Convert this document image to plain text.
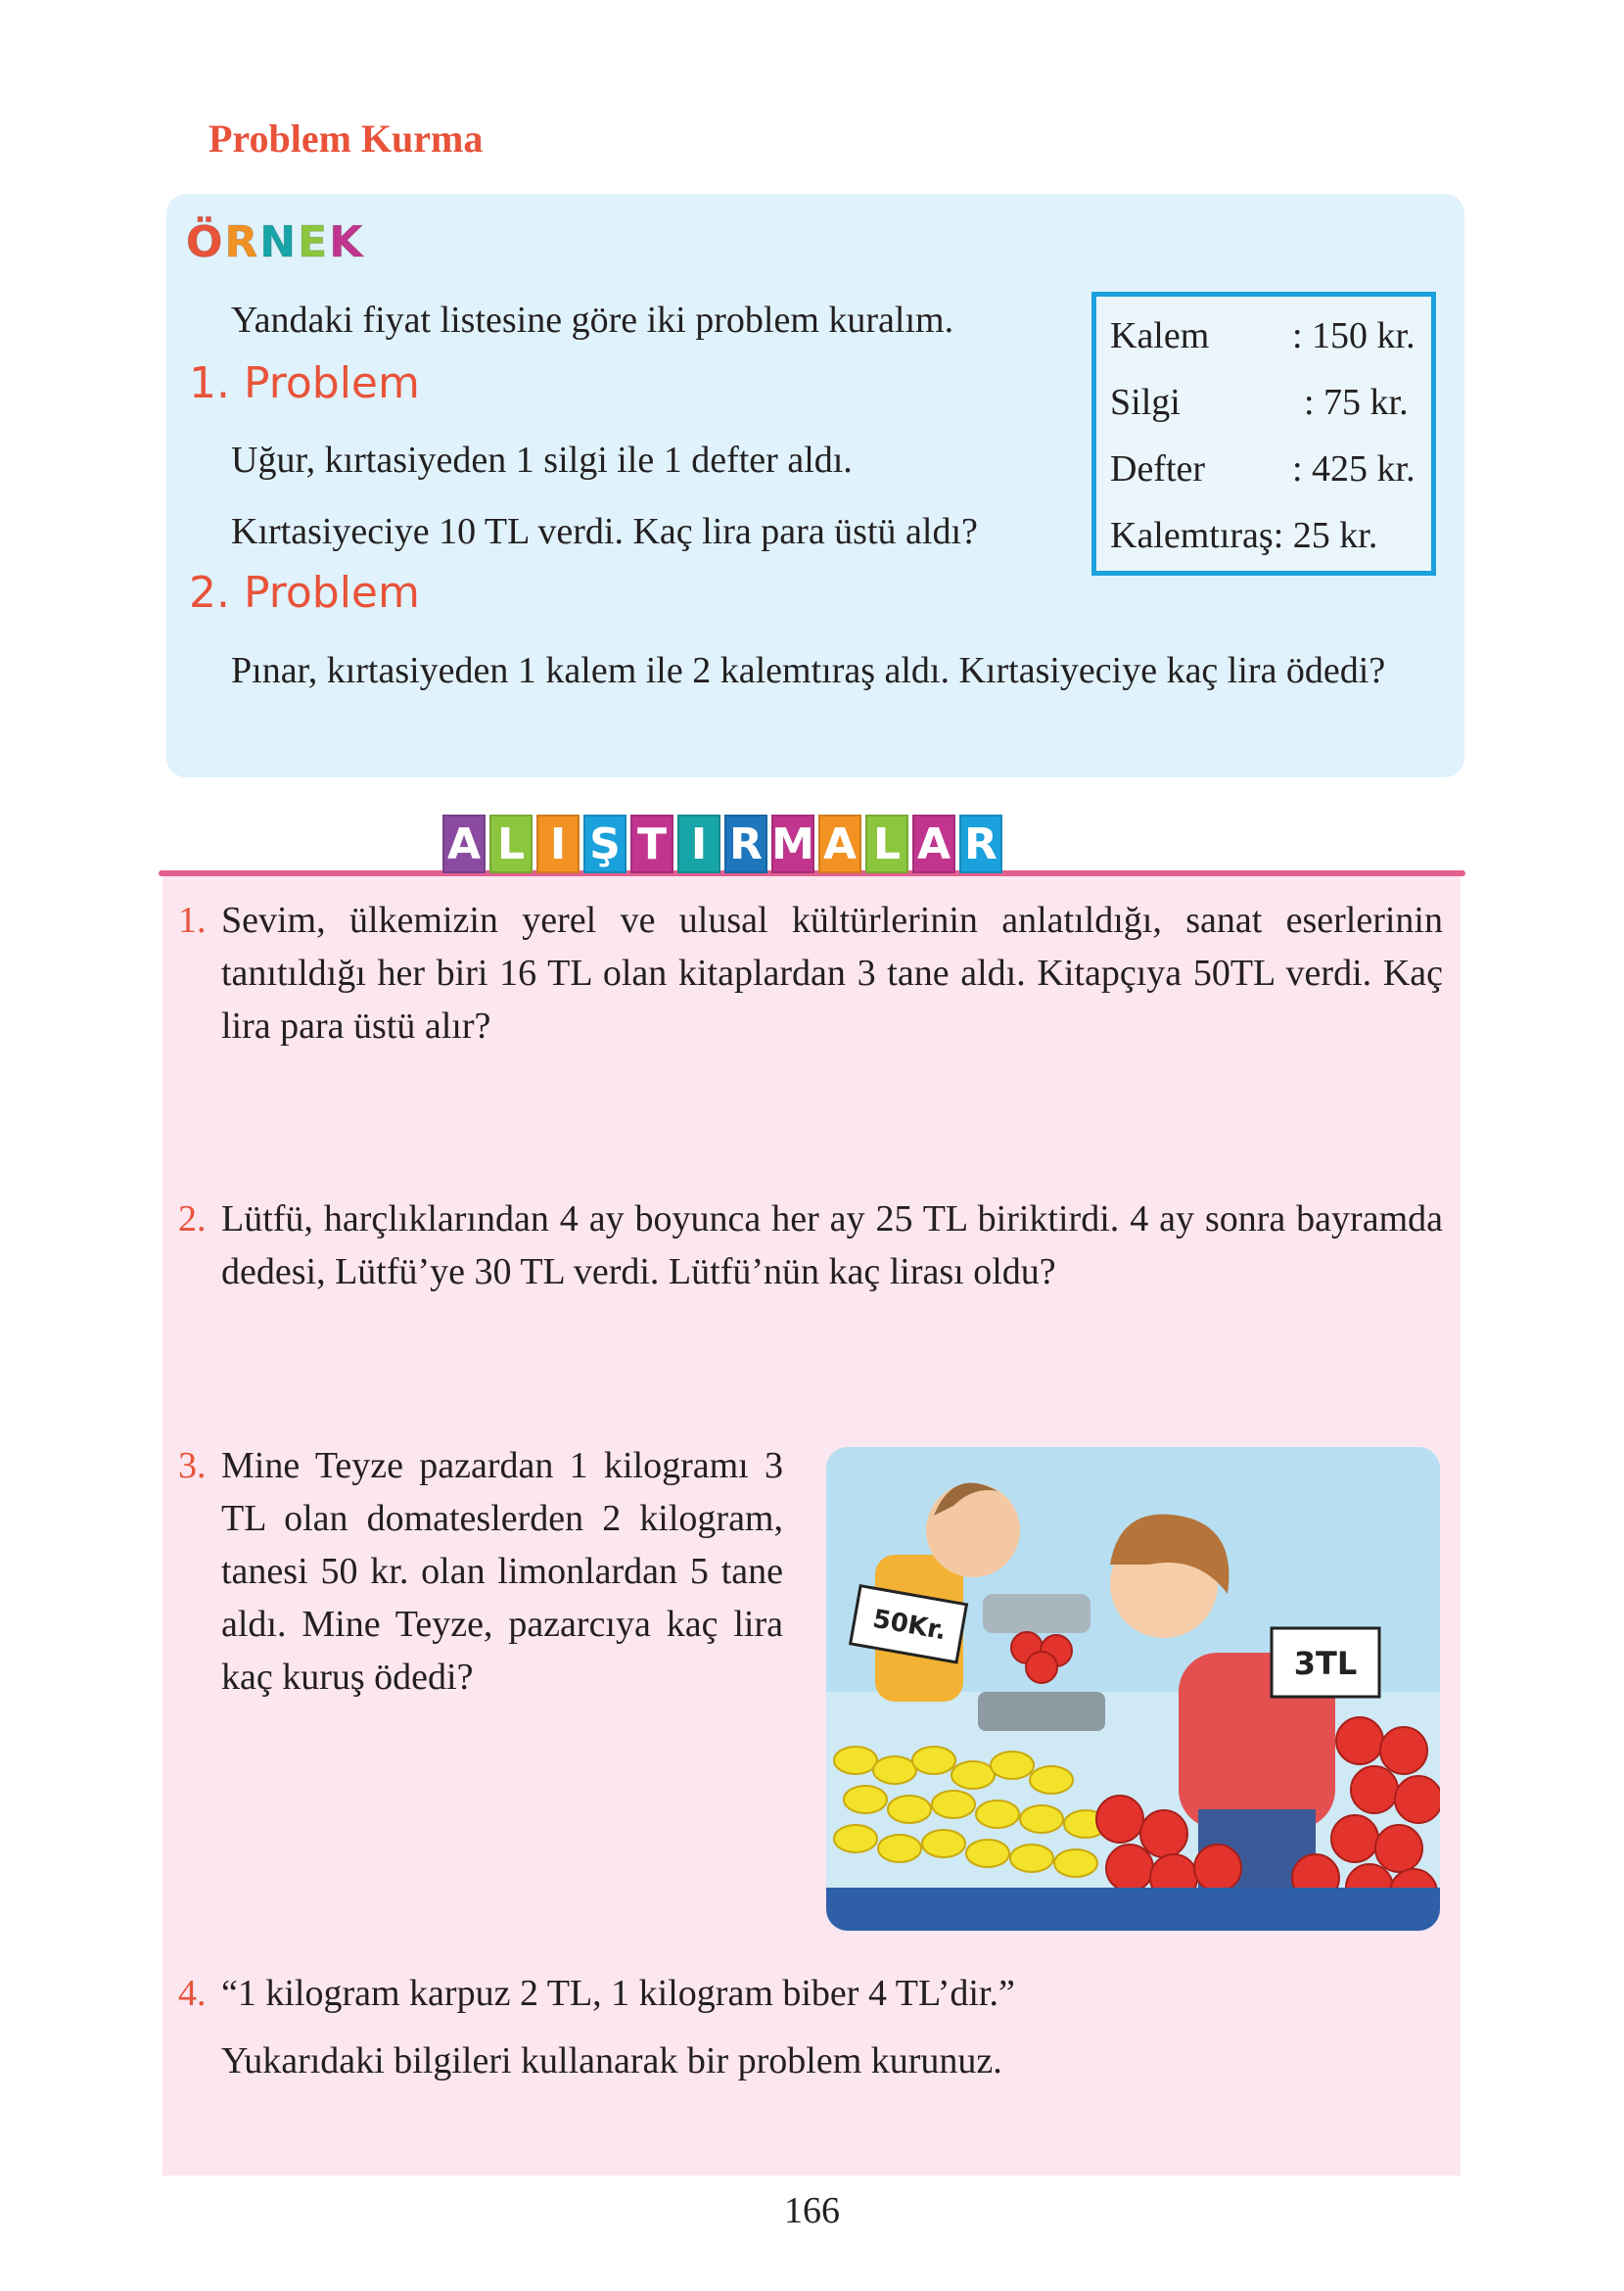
Problem Kurma
Ö R N E K
Yandaki fiyat listesine göre iki problem kuralım.
1. Problem
Uğur, kırtasiyeden 1 silgi ile 1 defter aldı.
Kırtasiyeciye 10 TL verdi. Kaç lira para üstü aldı?
2. Problem
Pınar, kırtasiyeden 1 kalem ile 2 kalemtıraş aldı. Kırtasiyeciye kaç lira ödedi?
Kalem : 150 kr.
Silgi	: 75 kr.
Defter : 425 kr.
Kalemtıraş: 25 kr.
A L I Ş T I R M A L A R
1. Sevim, ülkemizin yerel ve ulusal kültürlerinin anlatıldığı, sanat eserlerinin tanıtıldığı her biri 16 TL olan kitaplardan 3 tane aldı. Kitapçıya 50TL verdi. Kaç lira para üstü alır?
2. Lütfü, harçlıklarından 4 ay boyunca her ay 25 TL biriktirdi. 4 ay sonra bayramda dedesi, Lütfü’ye 30 TL verdi. Lütfü’nün kaç lirası oldu?
3. Mine Teyze pazardan 1 kilogramı 3 TL olan domateslerden 2 kilogram, tanesi 50 kr. olan limonlardan 5 tane aldı. Mine Teyze, pazarcıya kaç lira kaç kuruş ödedi?
50Kr.
3TL
4. “1 kilogram karpuz 2 TL, 1 kilogram biber 4 TL’dir.”
Yukarıdaki bilgileri kullanarak bir problem kurunuz.
166
